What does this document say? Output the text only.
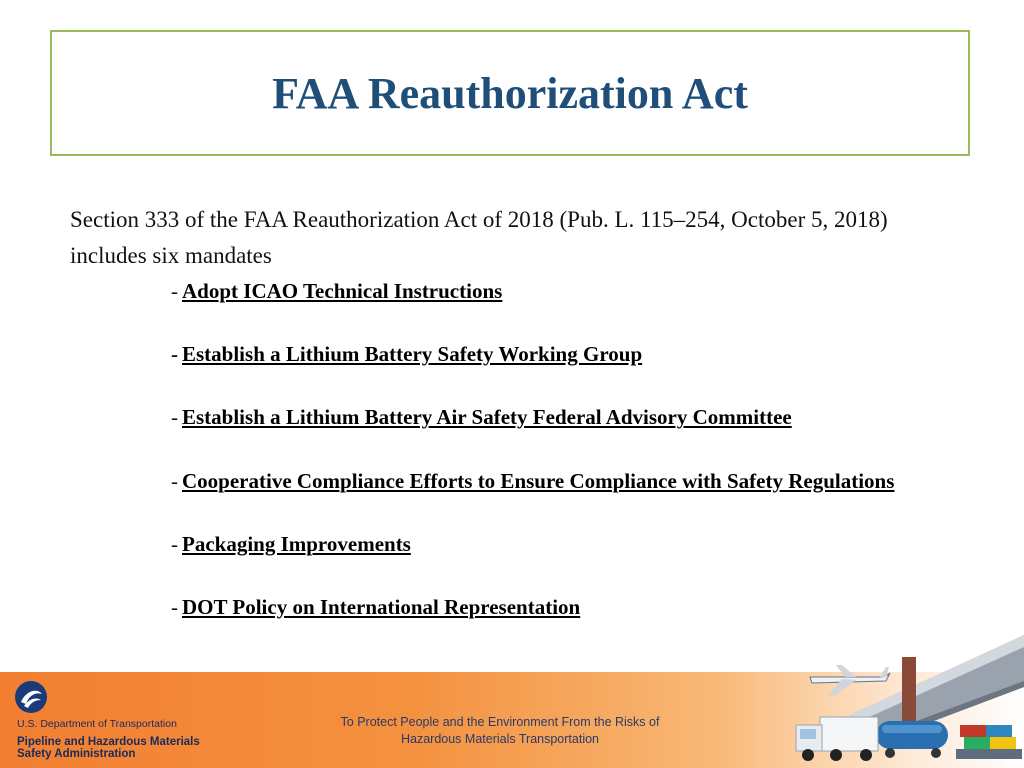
FAA Reauthorization Act
Section 333 of the FAA Reauthorization Act of 2018 (Pub. L. 115–254, October 5, 2018) includes six mandates
- Adopt ICAO Technical Instructions
- Establish a Lithium Battery Safety Working Group
- Establish a Lithium Battery Air Safety Federal Advisory Committee
- Cooperative Compliance Efforts to Ensure Compliance with Safety Regulations
- Packaging Improvements
- DOT Policy on International Representation
U.S. Department of Transportation
Pipeline and Hazardous Materials
Safety Administration
To Protect People and the Environment From the Risks of
Hazardous Materials Transportation
